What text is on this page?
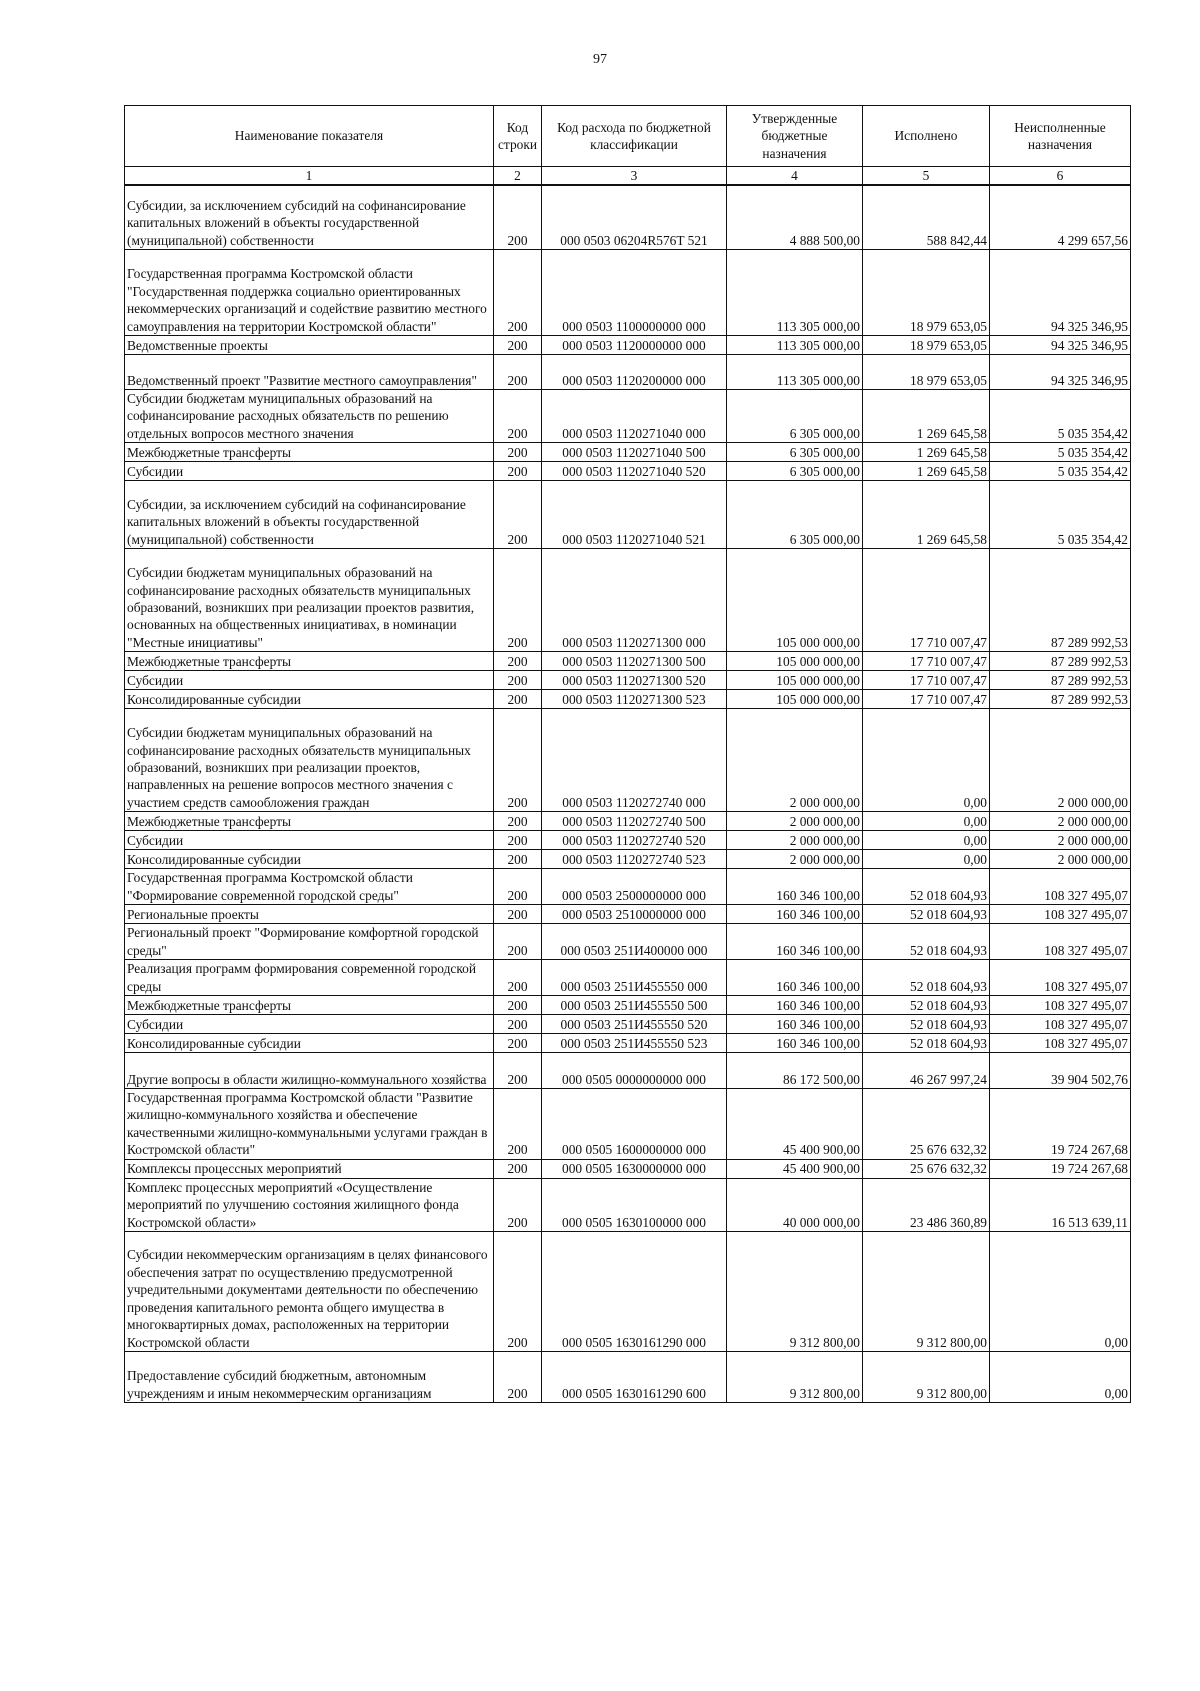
97
Наименование показателя	Код строки	Код расхода по бюджетной классификации	Утвержденные бюджетные назначения	Исполнено	Неисполненные назначения
1	2	3	4	5	6
Субсидии, за исключением субсидий на софинансирование капитальных вложений в объекты государственной (муниципальной) собственности	200	000 0503 06204R576T 521	4 888 500,00	588 842,44	4 299 657,56
Государственная программа Костромской области "Государственная поддержка социально ориентированных некоммерческих организаций и содействие развитию местного самоуправления на территории Костромской области"	200	000 0503 1100000000 000	113 305 000,00	18 979 653,05	94 325 346,95
Ведомственные проекты	200	000 0503 1120000000 000	113 305 000,00	18 979 653,05	94 325 346,95
Ведомственный проект "Развитие местного самоуправления"	200	000 0503 1120200000 000	113 305 000,00	18 979 653,05	94 325 346,95
Субсидии бюджетам муниципальных образований на софинансирование расходных обязательств по решению отдельных вопросов местного значения	200	000 0503 1120271040 000	6 305 000,00	1 269 645,58	5 035 354,42
Межбюджетные трансферты	200	000 0503 1120271040 500	6 305 000,00	1 269 645,58	5 035 354,42
Субсидии	200	000 0503 1120271040 520	6 305 000,00	1 269 645,58	5 035 354,42
Субсидии, за исключением субсидий на софинансирование капитальных вложений в объекты государственной (муниципальной) собственности	200	000 0503 1120271040 521	6 305 000,00	1 269 645,58	5 035 354,42
Субсидии бюджетам муниципальных образований на софинансирование расходных обязательств муниципальных образований, возникших при реализации проектов развития, основанных на общественных инициативах, в номинации "Местные инициативы"	200	000 0503 1120271300 000	105 000 000,00	17 710 007,47	87 289 992,53
Межбюджетные трансферты	200	000 0503 1120271300 500	105 000 000,00	17 710 007,47	87 289 992,53
Субсидии	200	000 0503 1120271300 520	105 000 000,00	17 710 007,47	87 289 992,53
Консолидированные субсидии	200	000 0503 1120271300 523	105 000 000,00	17 710 007,47	87 289 992,53
Субсидии бюджетам муниципальных образований на софинансирование расходных обязательств муниципальных образований, возникших при реализации проектов, направленных на решение вопросов местного значения с участием средств самообложения граждан	200	000 0503 1120272740 000	2 000 000,00	0,00	2 000 000,00
Межбюджетные трансферты	200	000 0503 1120272740 500	2 000 000,00	0,00	2 000 000,00
Субсидии	200	000 0503 1120272740 520	2 000 000,00	0,00	2 000 000,00
Консолидированные субсидии	200	000 0503 1120272740 523	2 000 000,00	0,00	2 000 000,00
Государственная программа Костромской области "Формирование современной городской среды"	200	000 0503 2500000000 000	160 346 100,00	52 018 604,93	108 327 495,07
Региональные проекты	200	000 0503 2510000000 000	160 346 100,00	52 018 604,93	108 327 495,07
Региональный проект "Формирование комфортной городской среды"	200	000 0503 251И400000 000	160 346 100,00	52 018 604,93	108 327 495,07
Реализация программ формирования современной городской среды	200	000 0503 251И455550 000	160 346 100,00	52 018 604,93	108 327 495,07
Межбюджетные трансферты	200	000 0503 251И455550 500	160 346 100,00	52 018 604,93	108 327 495,07
Субсидии	200	000 0503 251И455550 520	160 346 100,00	52 018 604,93	108 327 495,07
Консолидированные субсидии	200	000 0503 251И455550 523	160 346 100,00	52 018 604,93	108 327 495,07
Другие вопросы в области жилищно-коммунального хозяйства	200	000 0505 0000000000 000	86 172 500,00	46 267 997,24	39 904 502,76
Государственная программа Костромской области "Развитие жилищно-коммунального хозяйства и обеспечение качественными жилищно-коммунальными услугами граждан в Костромской области"	200	000 0505 1600000000 000	45 400 900,00	25 676 632,32	19 724 267,68
Комплексы процессных мероприятий	200	000 0505 1630000000 000	45 400 900,00	25 676 632,32	19 724 267,68
Комплекс процессных мероприятий «Осуществление мероприятий по улучшению состояния жилищного фонда Костромской области»	200	000 0505 1630100000 000	40 000 000,00	23 486 360,89	16 513 639,11
Субсидии некоммерческим организациям в целях финансового обеспечения затрат по осуществлению предусмотренной учредительными документами деятельности по обеспечению проведения капитального ремонта общего имущества в многоквартирных домах, расположенных на территории Костромской области	200	000 0505 1630161290 000	9 312 800,00	9 312 800,00	0,00
Предоставление субсидий бюджетным, автономным учреждениям и иным некоммерческим организациям	200	000 0505 1630161290 600	9 312 800,00	9 312 800,00	0,00
